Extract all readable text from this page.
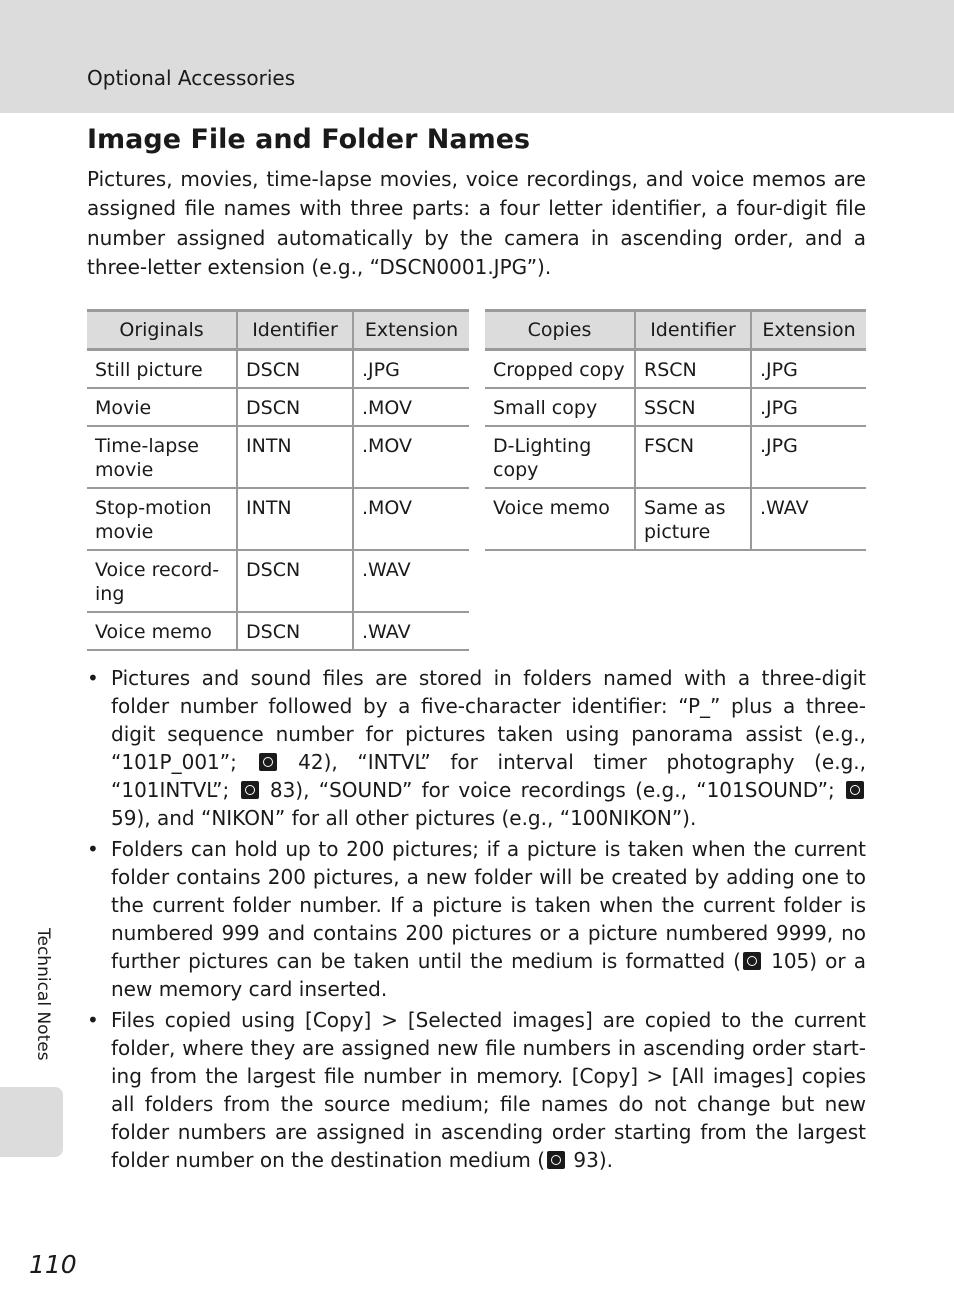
Optional Accessories
Image File and Folder Names

Pictures, movies, time-lapse movies, voice recordings, and voice memos are assigned file names with three parts: a four letter identifier, a four-digit file number assigned automatically by the camera in ascending order, and a three-letter extension (e.g., “DSCN0001.JPG”).

Originals	Identifier	Extension
Still picture	DSCN	.JPG
Movie	DSCN	.MOV
Time-lapse movie	INTN	.MOV
Stop-motion movie	INTN	.MOV
Voice record-ing	DSCN	.WAV
Voice memo	DSCN	.WAV
Copies	Identifier	Extension
Cropped copy	RSCN	.JPG
Small copy	SSCN	.JPG
D-Lighting copy	FSCN	.JPG
Voice memo	Same as picture	.WAV
• Pictures and sound files are stored in folders named with a three-digit folder number followed by a five-character identifier: “P_” plus a three-digit sequence number for pictures taken using panorama assist (e.g., “101P_001”;	42), “INTVL” for interval timer photography (e.g., “101INTVL”; 83), “SOUND” for voice recordings (e.g., “101SOUND”;  59), and “NIKON” for all other pictures (e.g., “100NIKON”).
• Folders can hold up to 200 pictures; if a picture is taken when the current folder contains 200 pictures, a new folder will be created by adding one to the current folder number. If a picture is taken when the current folder is numbered 999 and contains 200 pictures or a picture numbered 9999, no further pictures can be taken until the medium is formatted ( 105) or a new memory card inserted.
• Files copied using [Copy] > [Selected images] are copied to the current folder, where they are assigned new file numbers in ascending order start-ing from the largest file number in memory. [Copy] > [All images] copies all folders from the source medium; file names do not change but new folder numbers are assigned in ascending order starting from the largest folder number on the destination medium ( 93).
Technical Notes
110
